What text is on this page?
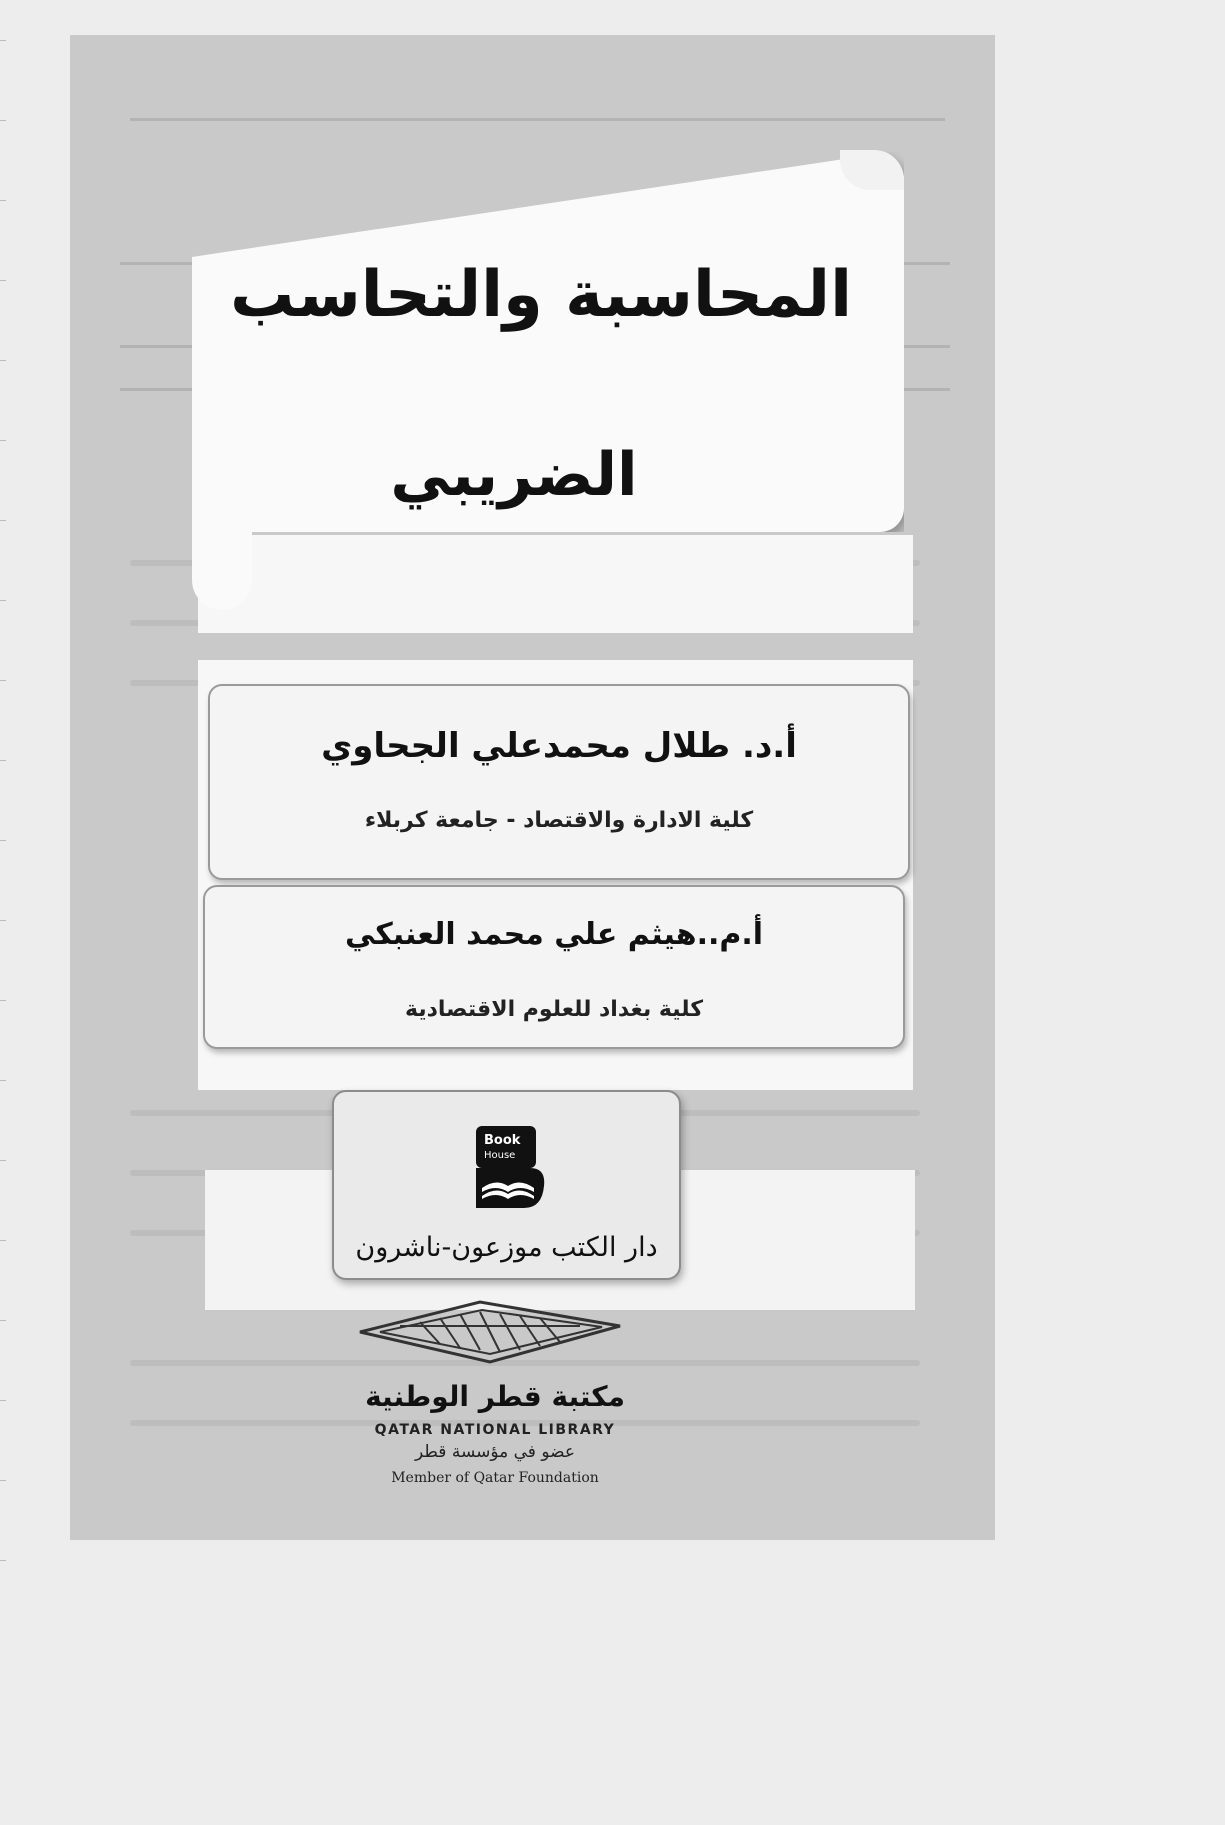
المحاسبة والتحاسب
الضريبي
أ.د. طلال محمدعلي الجحاوي
كلية الادارة والاقتصاد - جامعة كربلاء
أ.م..هيثم علي محمد العنبكي
كلية بغداد للعلوم الاقتصادية
Book
House
دار الكتب موزعون-ناشرون
مكتبة قطر الوطنية
QATAR NATIONAL LIBRARY
عضو في مؤسسة قطر
Member of Qatar Foundation
